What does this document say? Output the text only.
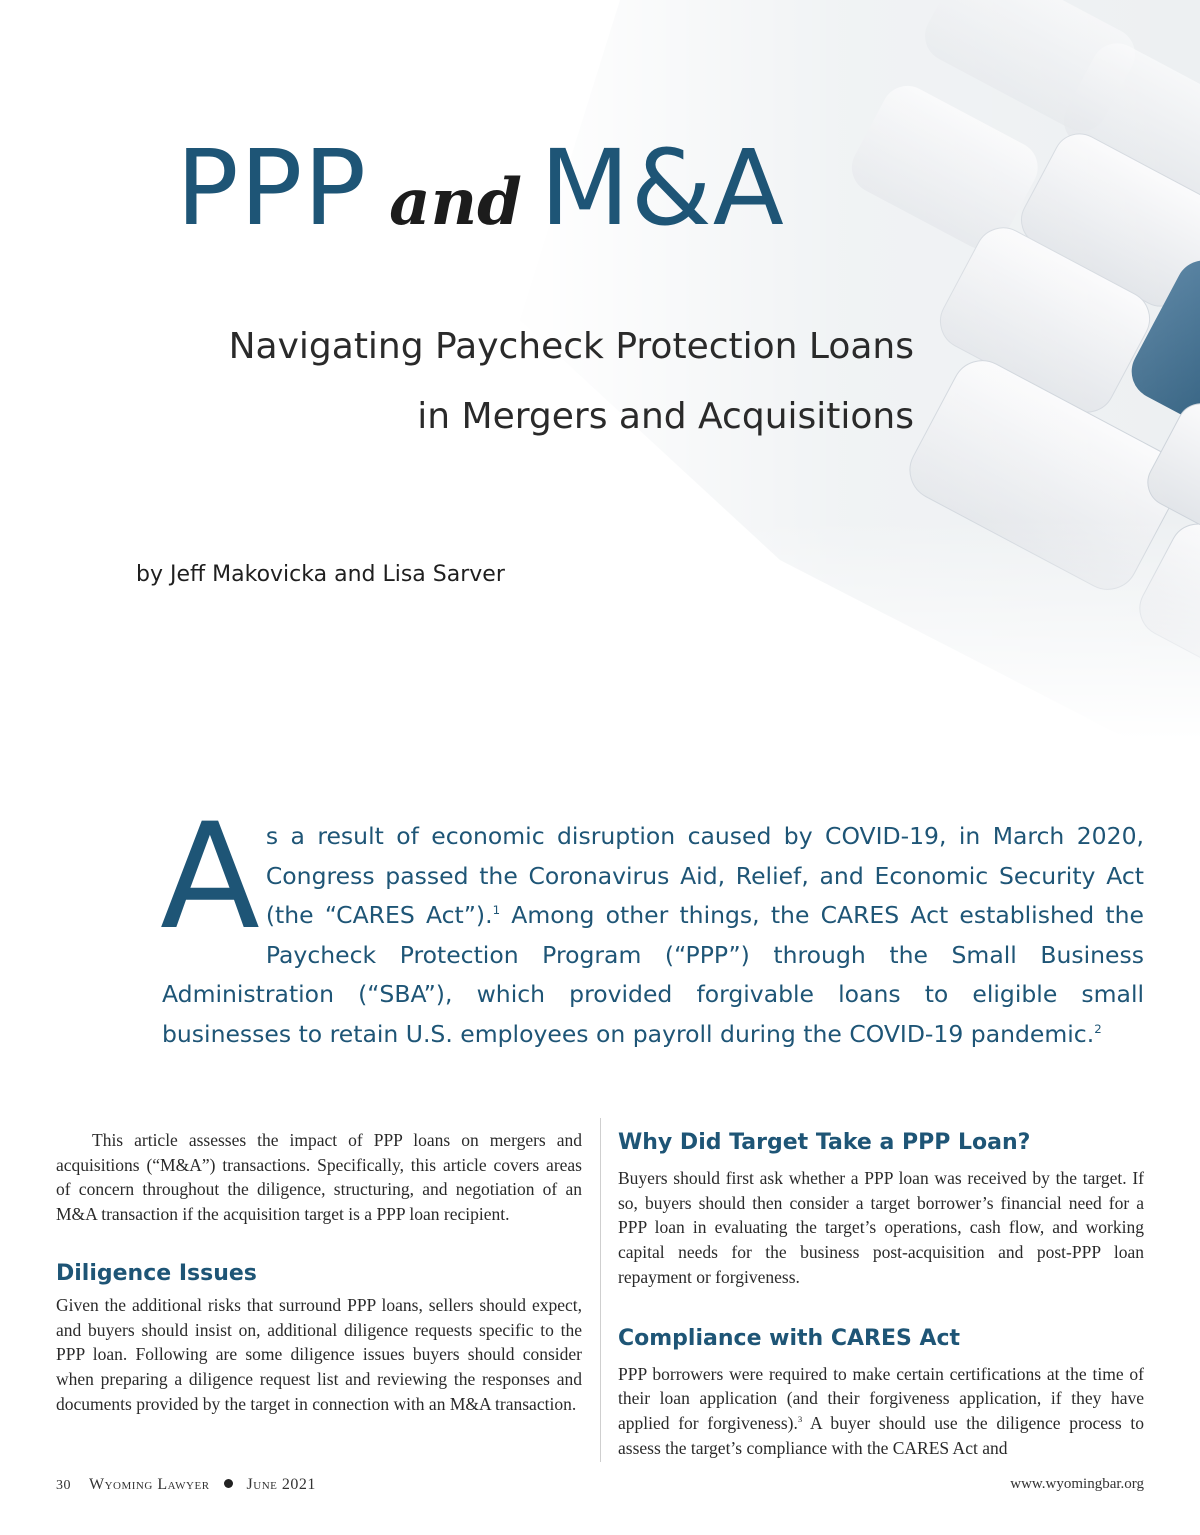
PPP and M&A
Navigating Paycheck Protection Loans
in Mergers and Acquisitions
by Jeff Makovicka and Lisa Sarver

As a result of economic disruption caused by COVID-19, in March 2020, Congress passed the Coronavirus Aid, Relief, and Economic Security Act (the “CARES Act”).$^1$ Among other things, the CARES Act established the Paycheck Protection Program (“PPP”) through the Small Business Administration (“SBA”), which provided forgivable loans to eligible small businesses to retain U.S. employees on payroll during the COVID-19 pandemic.$^2$

This article assesses the impact of PPP loans on mergers and acquisitions (“M&A”) transactions. Specifically, this article covers areas of concern throughout the diligence, structuring, and negotiation of an M&A transaction if the acquisition target is a PPP loan recipient.

Diligence Issues

Given the additional risks that surround PPP loans, sellers should expect, and buyers should insist on, additional diligence requests specific to the PPP loan. Following are some diligence issues buyers should consider when preparing a diligence request list and reviewing the responses and documents provided by the target in connection with an M&A transaction.

Why Did Target Take a PPP Loan?

Buyers should first ask whether a PPP loan was received by the target. If so, buyers should then consider a target borrower’s financial need for a PPP loan in evaluating the target’s operations, cash flow, and working capital needs for the business post-acquisition and post-PPP loan repayment or forgiveness.

Compliance with CARES Act

PPP borrowers were required to make certain certifications at the time of their loan application (and their forgiveness application, if they have applied for forgiveness).$^3$ A buyer should use the diligence process to assess the target’s compliance with the CARES Act and

30 Wyoming Lawyer June 2021	www.wyomingbar.org
